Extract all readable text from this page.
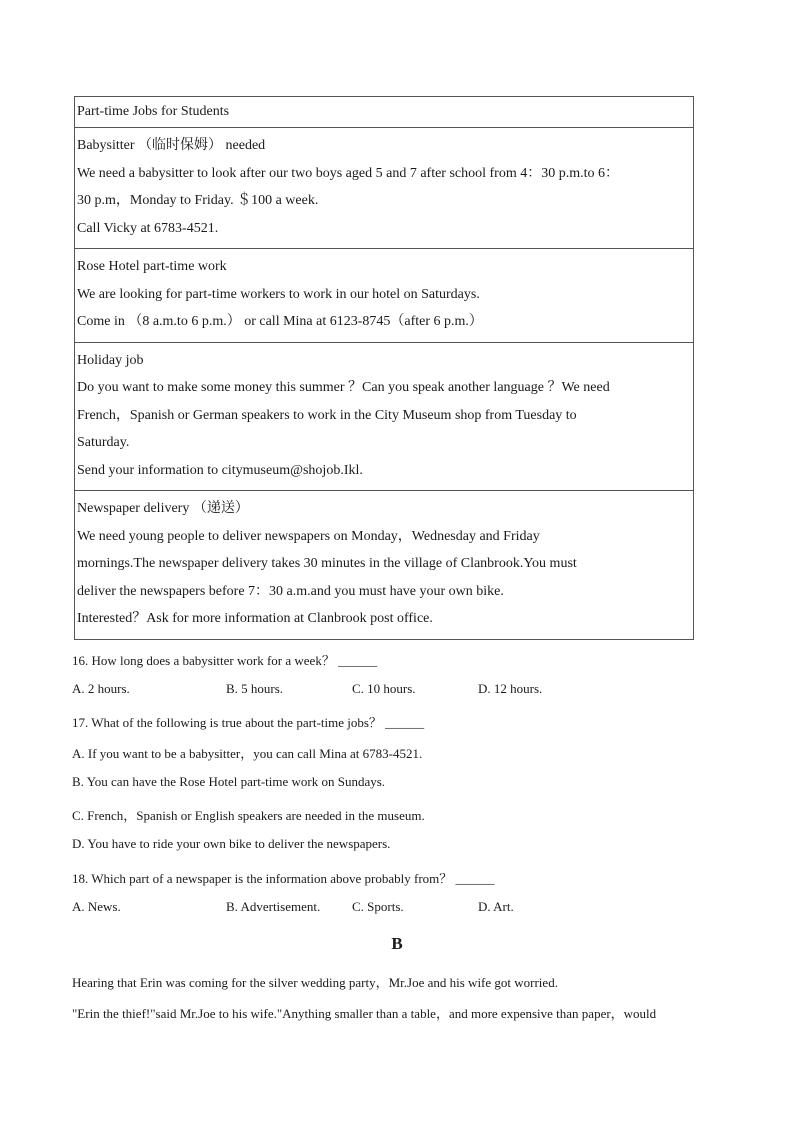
Part-time Jobs for Students
Babysitter （临时保姆） needed
We need a babysitter to look after our two boys aged 5 and 7 after school from 4：30 p.m.to 6：
30 p.m，Monday to Friday. ＄100 a week.
Call Vicky at 6783-4521.
Rose Hotel part-time work
We are looking for part-time workers to work in our hotel on Saturdays.
Come in （8 a.m.to 6 p.m.） or call Mina at 6123-8745（after 6 p.m.）
Holiday job
Do you want to make some money this summer ？Can you speak another language ？We need
French，Spanish or German speakers to work in the City Museum shop from Tuesday to
Saturday.
Send your information to citymuseum@shojob.Ikl.
Newspaper delivery （递送）
We need young people to deliver newspapers on Monday，Wednesday and Friday
mornings.The newspaper delivery takes 30 minutes in the village of Clanbrook.You must
deliver the newspapers before 7：30 a.m.and you must have your own bike.
Interested？Ask for more information at Clanbrook post office.
16. How long does a babysitter work for a week？ ______
A. 2 hours.	B. 5 hours.	C. 10 hours.	D. 12 hours.
17. What of the following is true about the part-time jobs？ ______
A. If you want to be a babysitter，you can call Mina at 6783-4521.
B. You can have the Rose Hotel part-time work on Sundays.
C. French，Spanish or English speakers are needed in the museum.
D. You have to ride your own bike to deliver the newspapers.
18. Which part of a newspaper is the information above probably from？ ______
A. News.	B. Advertisement. C. Sports.	D. Art.
B
Hearing that Erin was coming for the silver wedding party，Mr.Joe and his wife got worried.
"Erin the thief!"said Mr.Joe to his wife."Anything smaller than a table，and more expensive than paper，would
